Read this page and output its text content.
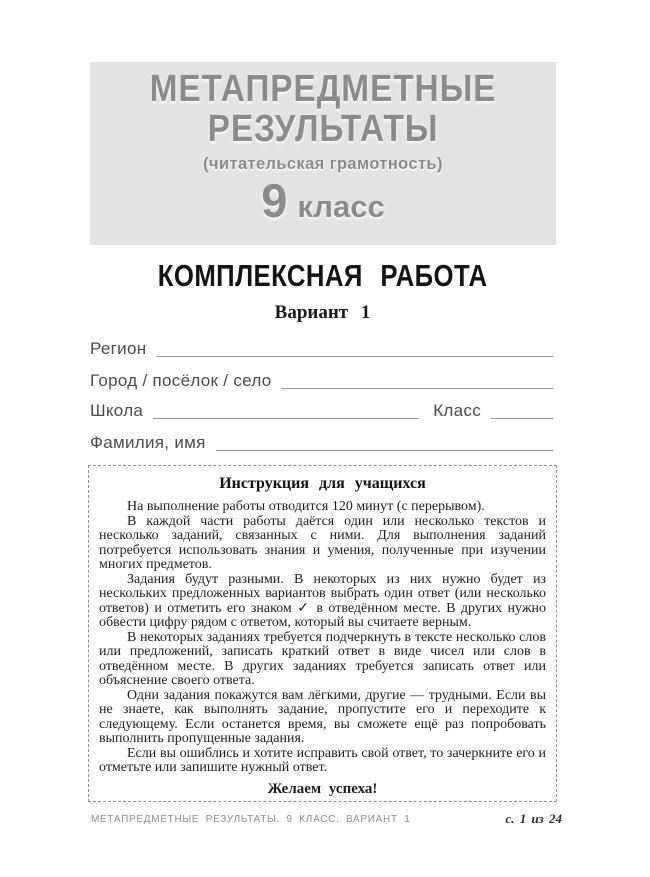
МЕТАПРЕДМЕТНЫЕ
РЕЗУЛЬТАТЫ
(читательская грамотность)
9 класс
КОМПЛЕКСНАЯ РАБОТА
Вариант 1
Регион
Город / посёлок / село
Школа	Класс
Фамилия, имя
Инструкция для учащихся

На выполнение работы отводится 120 минут (с перерывом).

В каждой части работы даётся один или несколько текстов и несколько заданий, связанных с ними. Для выполнения заданий потребуется использовать знания и умения, полученные при изучении многих предметов.

Задания будут разными. В некоторых из них нужно будет из нескольких предложенных вариантов выбрать один ответ (или несколько ответов) и отметить его знаком ✓ в отведённом месте. В других нужно обвести цифру рядом с ответом, который вы считаете верным.

В некоторых заданиях требуется подчеркнуть в тексте несколько слов или предложений, записать краткий ответ в виде чисел или слов в отведённом месте. В других заданиях требуется записать ответ или объяснение своего ответа.

Одни задания покажутся вам лёгкими, другие — трудными. Если вы не знаете, как выполнять задание, пропустите его и переходите к следующему. Если останется время, вы сможете ещё раз попробовать выполнить пропущенные задания.

Если вы ошиблись и хотите исправить свой ответ, то зачеркните его и отметьте или запишите нужный ответ.

Желаем успеха!
МЕТАПРЕДМЕТНЫЕ РЕЗУЛЬТАТЫ. 9 КЛАСС. ВАРИАНТ 1	с. 1 из 24
